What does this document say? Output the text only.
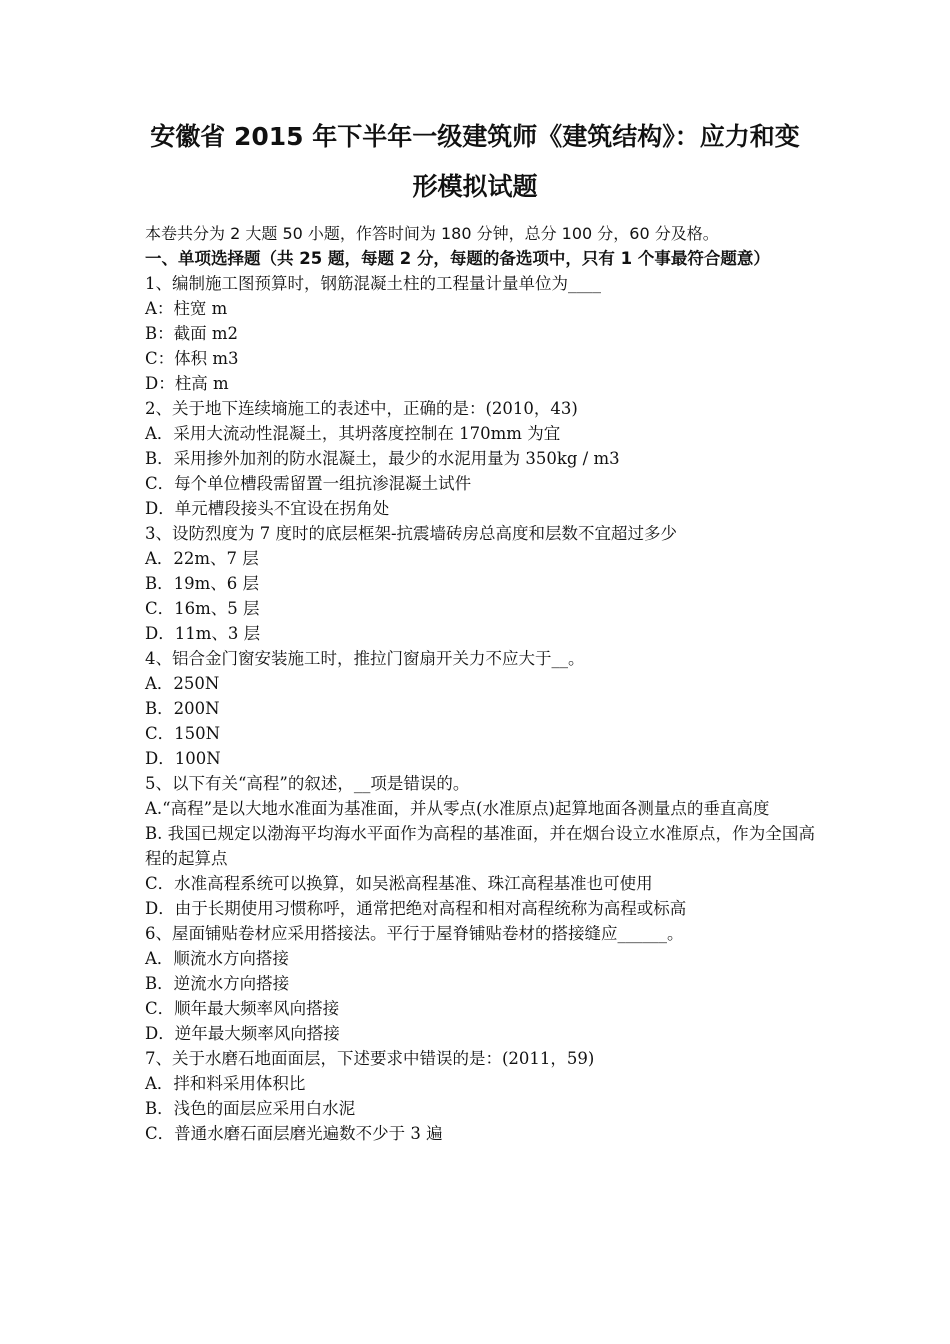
安徽省 2015 年下半年一级建筑师《建筑结构》：应力和变
形模拟试题
本卷共分为 2 大题 50 小题，作答时间为 180 分钟，总分 100 分，60 分及格。
一、单项选择题（共 25 题，每题 2 分，每题的备选项中，只有 1 个事最符合题意）
1、编制施工图预算时，钢筋混凝土柱的工程量计量单位为____
A：柱宽 m
B：截面 m2
C：体积 m3
D：柱高 m
2、关于地下连续墒施工的表述中，正确的是：(2010，43)
A．采用大流动性混凝土，其坍落度控制在 170mm 为宜
B．采用掺外加剂的防水混凝土，最少的水泥用量为 350kg / m3
C．每个单位槽段需留置一组抗渗混凝土试件
D．单元槽段接头不宜设在拐角处
3、设防烈度为 7 度时的底层框架-抗震墙砖房总高度和层数不宜超过多少
A．22m、7 层
B．19m、6 层
C．16m、5 层
D．11m、3 层
4、铝合金门窗安装施工时，推拉门窗扇开关力不应大于__。
A．250N
B．200N
C．150N
D．100N
5、以下有关“高程”的叙述，__项是错误的。
A.“高程”是以大地水准面为基准面，并从零点(水准原点)起算地面各测量点的垂直高度
B. 我国已规定以渤海平均海水平面作为高程的基准面，并在烟台设立水准原点，作为全国高程的起算点
C．水准高程系统可以换算，如吴淞高程基准、珠江高程基准也可使用
D．由于长期使用习惯称呼，通常把绝对高程和相对高程统称为高程或标高
6、屋面铺贴卷材应采用搭接法。平行于屋脊铺贴卷材的搭接缝应______。
A．顺流水方向搭接
B．逆流水方向搭接
C．顺年最大频率风向搭接
D．逆年最大频率风向搭接
7、关于水磨石地面面层，下述要求中错误的是：(2011，59)
A．拌和料采用体积比
B．浅色的面层应采用白水泥
C．普通水磨石面层磨光遍数不少于 3 遍
